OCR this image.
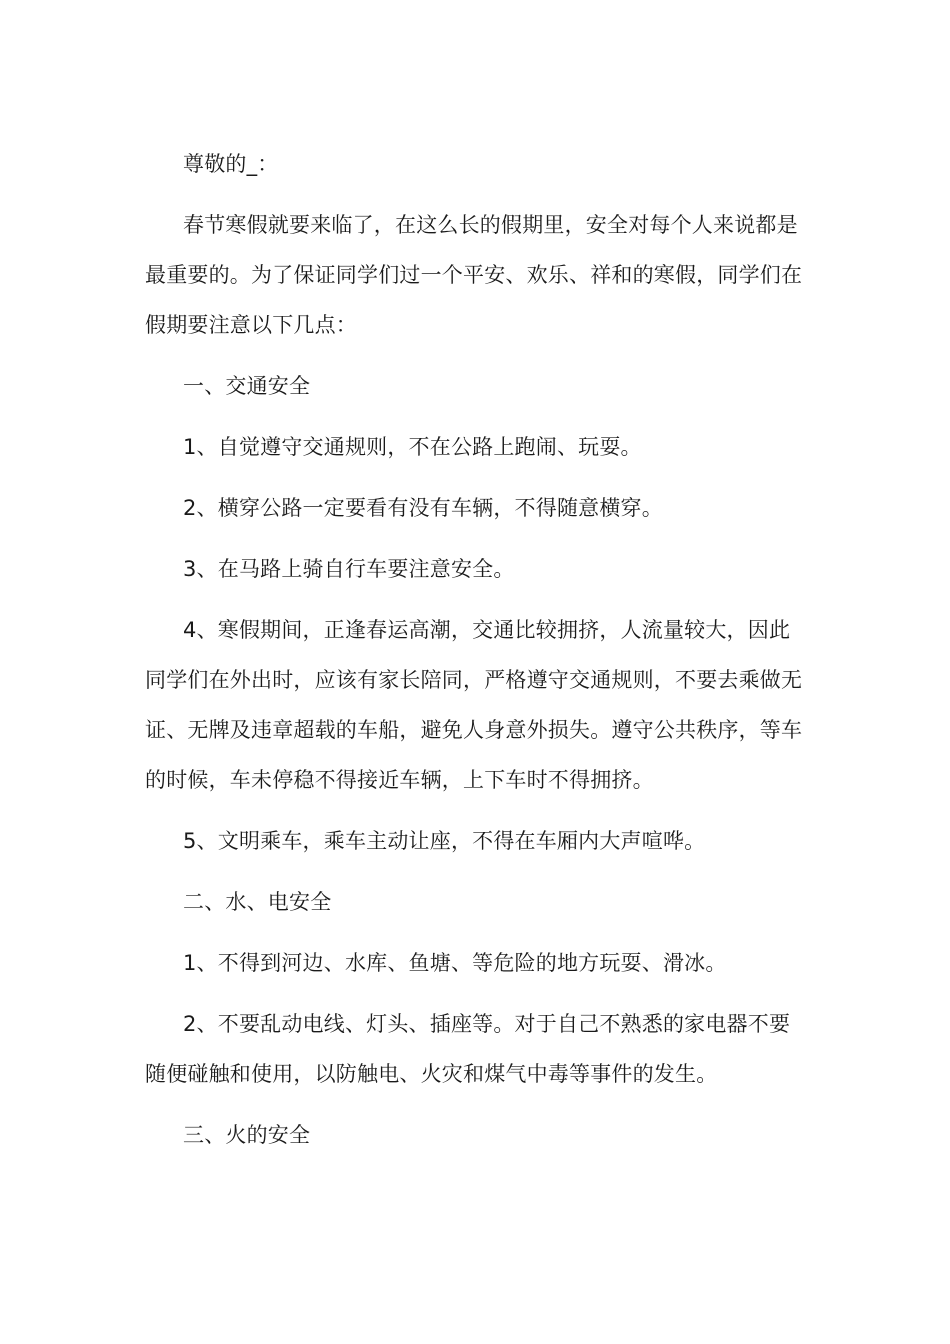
尊敬的_：

春节寒假就要来临了，在这么长的假期里，安全对每个人来说都是最重要的。为了保证同学们过一个平安、欢乐、祥和的寒假，同学们在假期要注意以下几点：

一、交通安全

1、自觉遵守交通规则，不在公路上跑闹、玩耍。

2、横穿公路一定要看有没有车辆，不得随意横穿。

3、在马路上骑自行车要注意安全。

4、寒假期间，正逢春运高潮，交通比较拥挤，人流量较大，因此同学们在外出时，应该有家长陪同，严格遵守交通规则，不要去乘做无证、无牌及违章超载的车船，避免人身意外损失。遵守公共秩序，等车的时候，车未停稳不得接近车辆，上下车时不得拥挤。

5、文明乘车，乘车主动让座，不得在车厢内大声喧哗。

二、水、电安全

1、不得到河边、水库、鱼塘、等危险的地方玩耍、滑冰。

2、不要乱动电线、灯头、插座等。对于自己不熟悉的家电器不要随便碰触和使用，以防触电、火灾和煤气中毒等事件的发生。

三、火的安全
